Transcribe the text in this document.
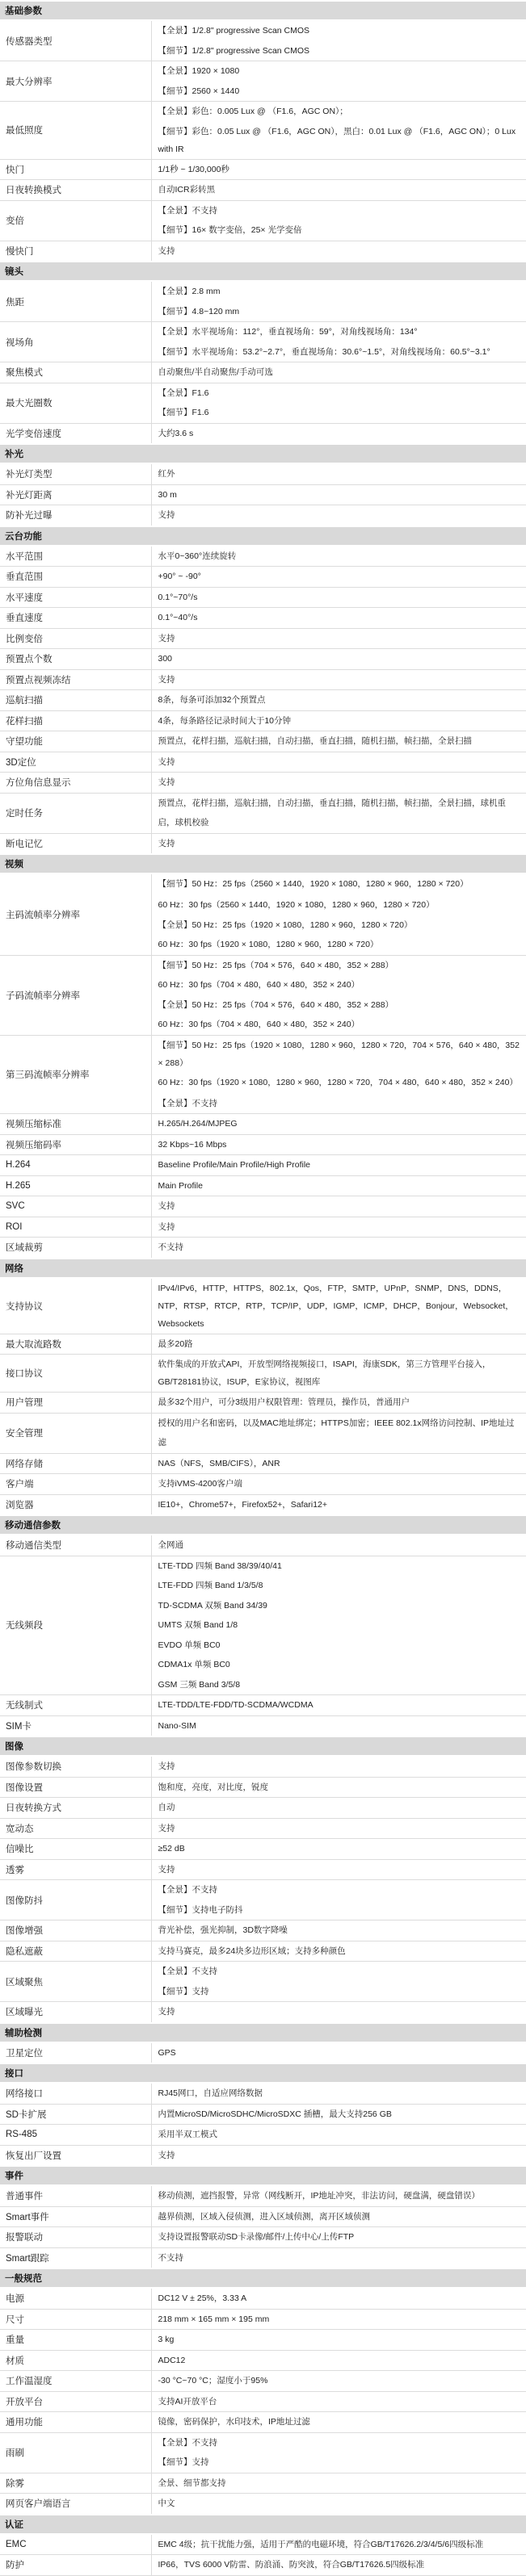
基础参数	
传感器类型	【全景】1/2.8" progressive Scan CMOS
【细节】1/2.8" progressive Scan CMOS

最大分辨率	【全景】1920 × 1080
【细节】2560 × 1440

最低照度	【全景】彩色：0.005 Lux @ （F1.6，AGC ON）；
【细节】彩色：0.05 Lux @ （F1.6，AGC ON），黑白：0.01 Lux @ （F1.6，AGC ON）；0 Lux with IR

快门	1/1秒 ~ 1/30,000秒

日夜转换模式	自动ICR彩转黑

变倍	【全景】不支持
【细节】16× 数字变倍，25× 光学变倍

慢快门	支持

镜头	
焦距	【全景】2.8 mm
【细节】4.8~120 mm

视场角	【全景】水平视场角：112°，垂直视场角：59°，对角线视场角：134°
【细节】水平视场角：53.2°~2.7°，垂直视场角：30.6°~1.5°，对角线视场角：60.5°~3.1°

聚焦模式	自动聚焦/半自动聚焦/手动可选

最大光圈数	【全景】F1.6
【细节】F1.6

光学变倍速度	大约3.6 s

补光	
补光灯类型	红外

补光灯距离	30 m

防补光过曝	支持

云台功能	
水平范围	水平0~360°连续旋转

垂直范围	+90° ~ -90°

水平速度	0.1°~70°/s

垂直速度	0.1°~40°/s

比例变倍	支持

预置点个数	300

预置点视频冻结	支持

巡航扫描	8条，每条可添加32个预置点

花样扫描	4条，每条路径记录时间大于10分钟

守望功能	预置点，花样扫描，巡航扫描，自动扫描，垂直扫描，随机扫描，帧扫描，全景扫描

3D定位	支持

方位角信息显示	支持

定时任务	预置点，花样扫描，巡航扫描，自动扫描，垂直扫描，随机扫描，帧扫描，全景扫描，球机重启，球机校验

断电记忆	支持

视频	
主码流帧率分辨率	【细节】50 Hz：25 fps（2560 × 1440，1920 × 1080，1280 × 960，1280 × 720）
60 Hz：30 fps（2560 × 1440，1920 × 1080，1280 × 960，1280 × 720）
【全景】50 Hz：25 fps（1920 × 1080，1280 × 960，1280 × 720）
60 Hz：30 fps（1920 × 1080，1280 × 960，1280 × 720）

子码流帧率分辨率	【细节】50 Hz：25 fps（704 × 576，640 × 480，352 × 288）
60 Hz：30 fps（704 × 480，640 × 480，352 × 240）
【全景】50 Hz：25 fps（704 × 576，640 × 480，352 × 288）
60 Hz：30 fps（704 × 480，640 × 480，352 × 240）

第三码流帧率分辨率	【细节】50 Hz：25 fps（1920 × 1080，1280 × 960，1280 × 720，704 × 576，640 × 480，352 × 288）
60 Hz：30 fps（1920 × 1080，1280 × 960，1280 × 720，704 × 480，640 × 480，352 × 240）
【全景】不支持

视频压缩标准	H.265/H.264/MJPEG

视频压缩码率	32 Kbps~16 Mbps

H.264	Baseline Profile/Main Profile/High Profile

H.265	Main Profile

SVC	支持

ROI	支持

区域裁剪	不支持

网络	
支持协议	IPv4/IPv6，HTTP，HTTPS，802.1x，Qos，FTP，SMTP，UPnP，SNMP，DNS，DDNS，NTP，RTSP，RTCP，RTP，TCP/IP，UDP，IGMP，ICMP，DHCP，Bonjour，Websocket，Websockets

最大取流路数	最多20路

接口协议	软件集成的开放式API，开放型网络视频接口，ISAPI，海康SDK，第三方管理平台接入，GB/T28181协议，ISUP，E家协议，视图库

用户管理	最多32个用户，可分3级用户权限管理：管理员，操作员，普通用户

安全管理	授权的用户名和密码，以及MAC地址绑定；HTTPS加密；IEEE 802.1x网络访问控制、IP地址过滤

网络存储	NAS（NFS，SMB/CIFS），ANR

客户端	支持iVMS-4200客户端

浏览器	IE10+，Chrome57+，Firefox52+，Safari12+

移动通信参数	
移动通信类型	全网通

无线频段	
LTE-TDD 四频 Band 38/39/40/41
LTE-FDD 四频 Band 1/3/5/8
TD-SCDMA 双频 Band 34/39
UMTS 双频 Band 1/8
EVDO 单频 BC0
CDMA1x 单频 BC0
GSM 三频 Band 3/5/8

无线制式	LTE-TDD/LTE-FDD/TD-SCDMA/WCDMA

SIM卡	Nano-SIM

图像	
图像参数切换	支持

图像设置	饱和度，亮度，对比度，锐度

日夜转换方式	自动

宽动态	支持

信噪比	≥52 dB

透雾	支持

图像防抖	【全景】不支持
【细节】支持电子防抖

图像增强	背光补偿，强光抑制，3D数字降噪

隐私遮蔽	支持马赛克，最多24块多边形区域；支持多种颜色

区域聚焦	【全景】不支持
【细节】支持

区域曝光	支持

辅助检测	
卫星定位	GPS

接口	
网络接口	RJ45网口，自适应网络数据

SD卡扩展	内置MicroSD/MicroSDHC/MicroSDXC 插槽，最大支持256 GB

RS-485	采用半双工模式

恢复出厂设置	支持

事件	
普通事件	移动侦测，遮挡报警，异常（网线断开，IP地址冲突，非法访问，硬盘满，硬盘错误）

Smart事件	越界侦测，区域入侵侦测，进入区域侦测，离开区域侦测

报警联动	支持设置报警联动SD卡录像/邮件/上传中心/上传FTP

Smart跟踪	不支持

一般规范	
电源	DC12 V ± 25%，3.33 A

尺寸	218 mm × 165 mm × 195 mm

重量	3 kg

材质	ADC12

工作温湿度	-30 °C~70 °C；湿度小于95%

开放平台	支持AI开放平台

通用功能	镜像，密码保护，水印技术，IP地址过滤

雨刷	【全景】不支持
【细节】支持

除雾	全景、细节都支持

网页客户端语言	中文

认证	
EMC	EMC 4级；抗干扰能力强，适用于严酷的电磁环境，符合GB/T17626.2/3/4/5/6四级标准

防护	IP66，TVS 6000 V防雷、防浪涌、防突波，符合GB/T17626.5四级标准
